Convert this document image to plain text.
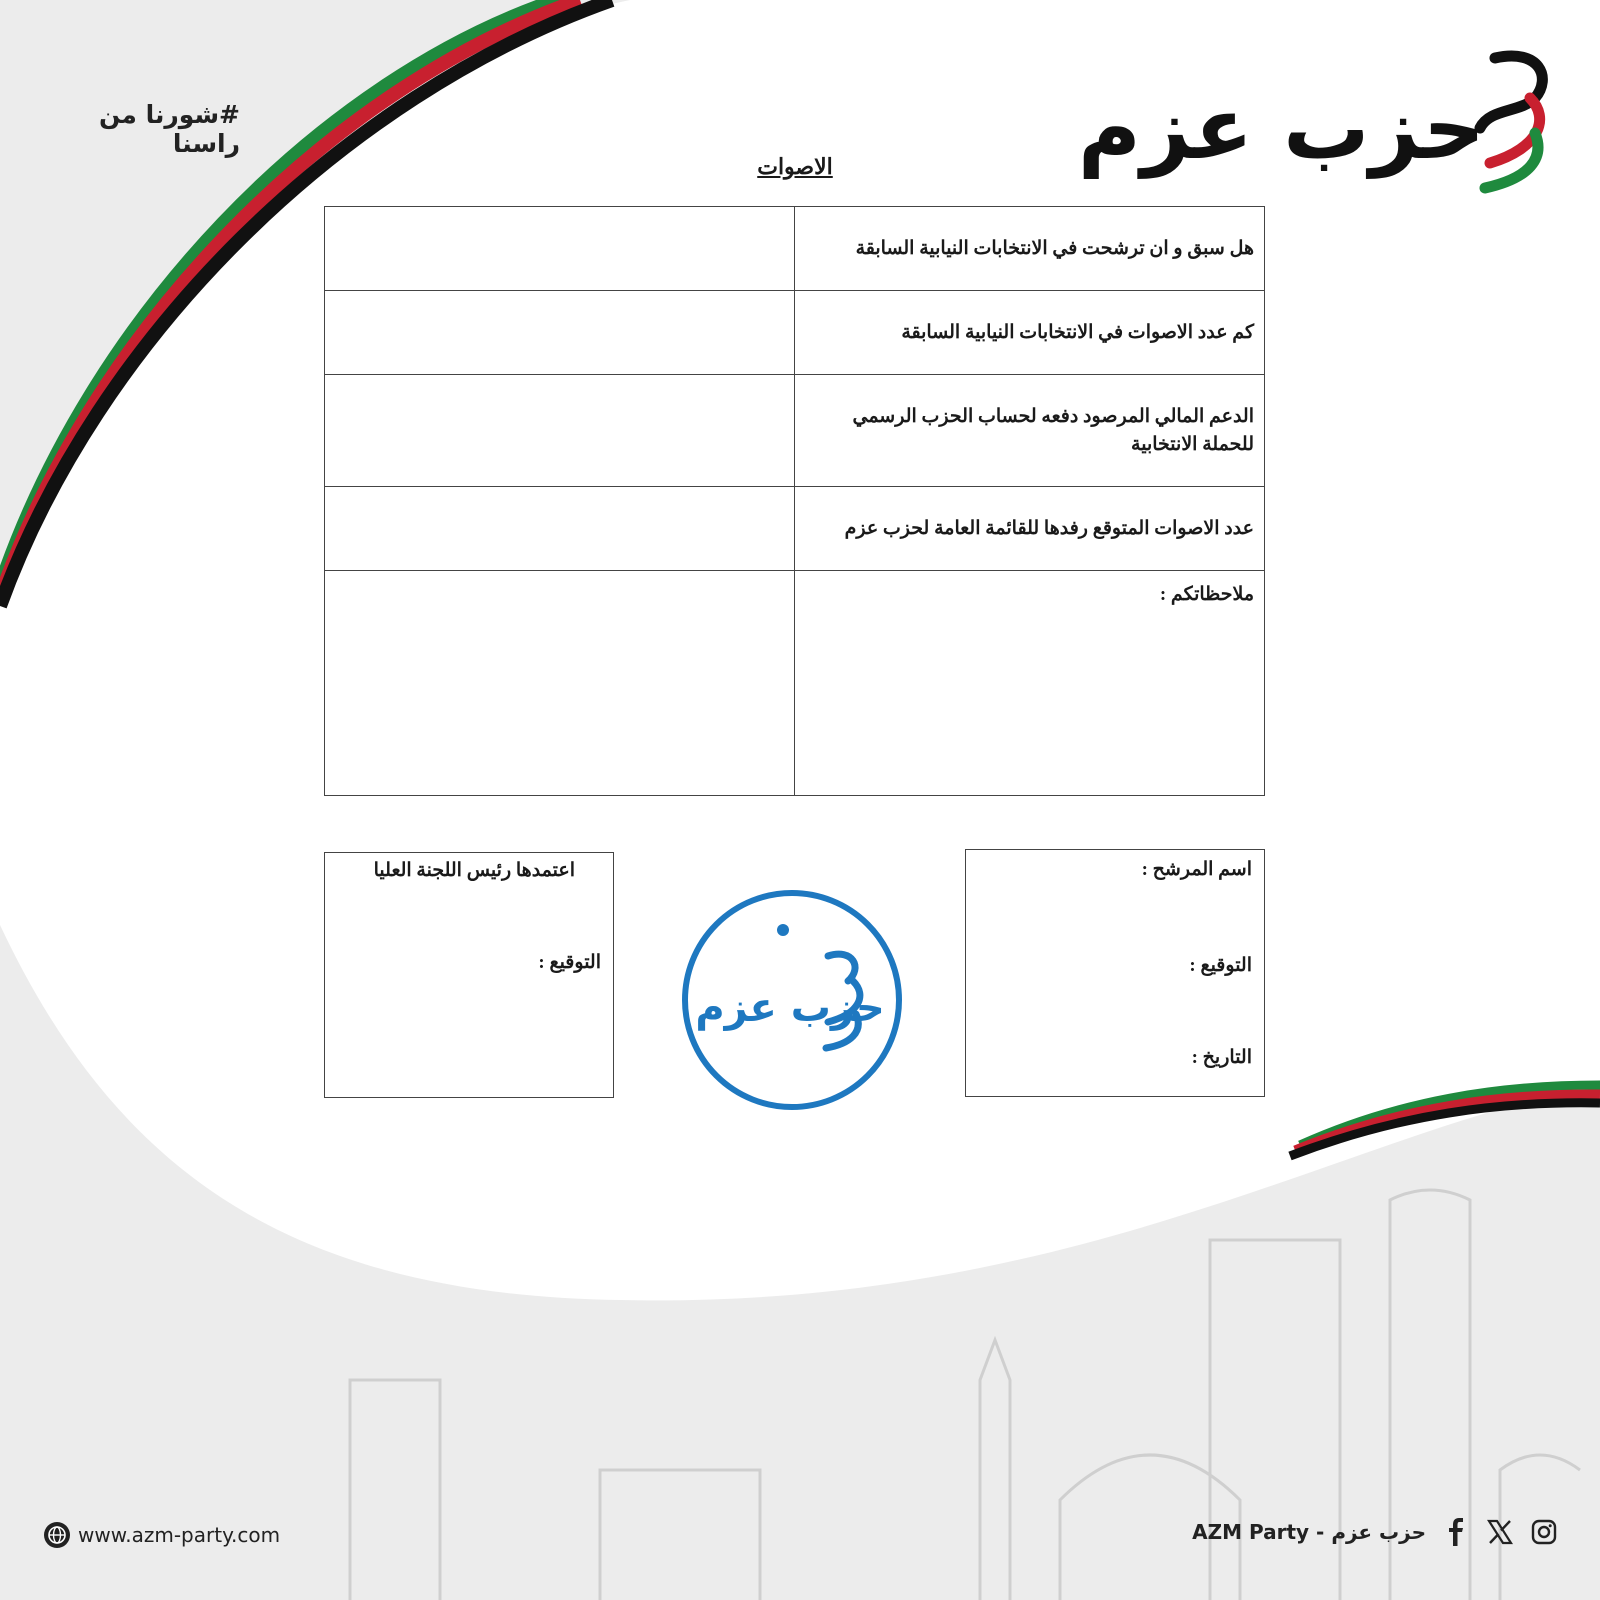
#شورنا من راسنا	حزب عزم
الاصوات
هل سبق و ان ترشحت في الانتخابات النيابية السابقة	
كم عدد الاصوات في الانتخابات النيابية السابقة	
الدعم المالي المرصود دفعه لحساب الحزب الرسمي للحملة الانتخابية	
عدد الاصوات المتوقع رفدها للقائمة العامة لحزب عزم	
ملاحظاتكم :	
اعتمدها رئيس اللجنة العليا
التوقيع :
حزب عزم
اسم المرشح :
التوقيع :
التاريخ :
www.azm-party.com	AZM Party - حزب عزم
